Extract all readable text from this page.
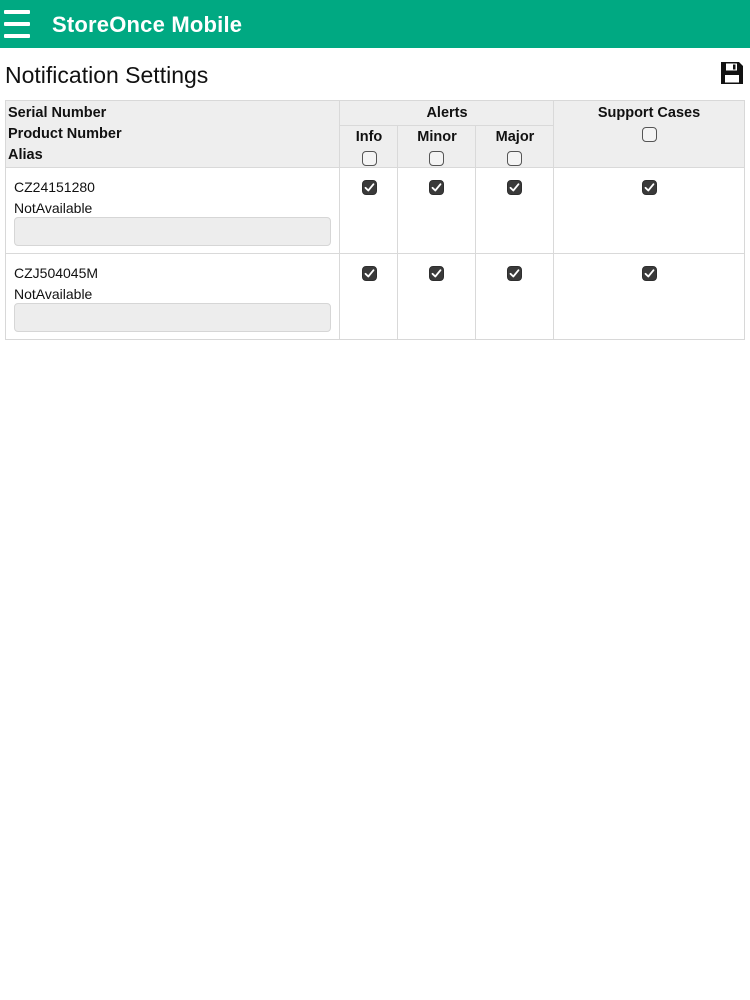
StoreOnce Mobile
Notification Settings
Serial Number
Product Number
Alias
Alerts
Info	Minor	Major
Support Cases
CZ24151280
NotAvailable
CZJ504045M
NotAvailable
